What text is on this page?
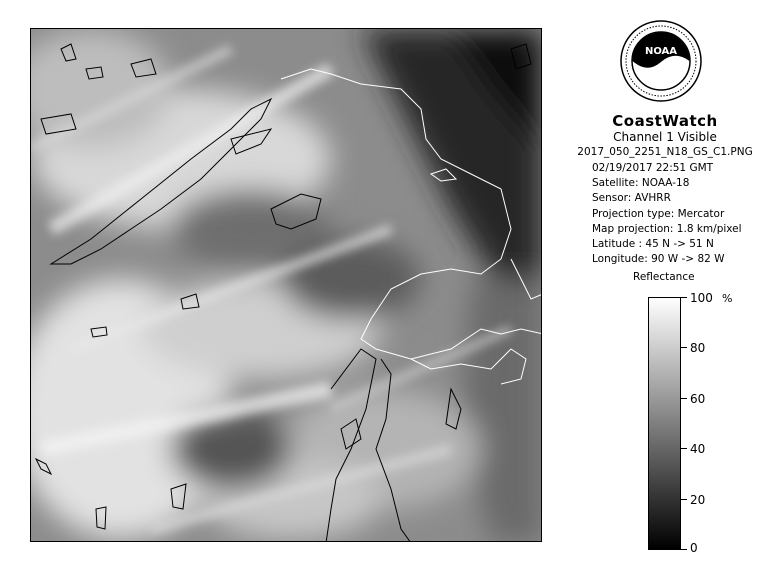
NOAA
CoastWatch
Channel 1 Visible
2017_050_2251_N18_GS_C1.PNG
02/19/2017 22:51 GMT
Satellite: NOAA-18
Sensor: AVHRR
Projection type: Mercator
Map projection: 1.8 km/pixel
Latitude : 45 N -> 51 N
Longitude: 90 W -> 82 W
Reflectance
%
100
80
60
40
20
0
